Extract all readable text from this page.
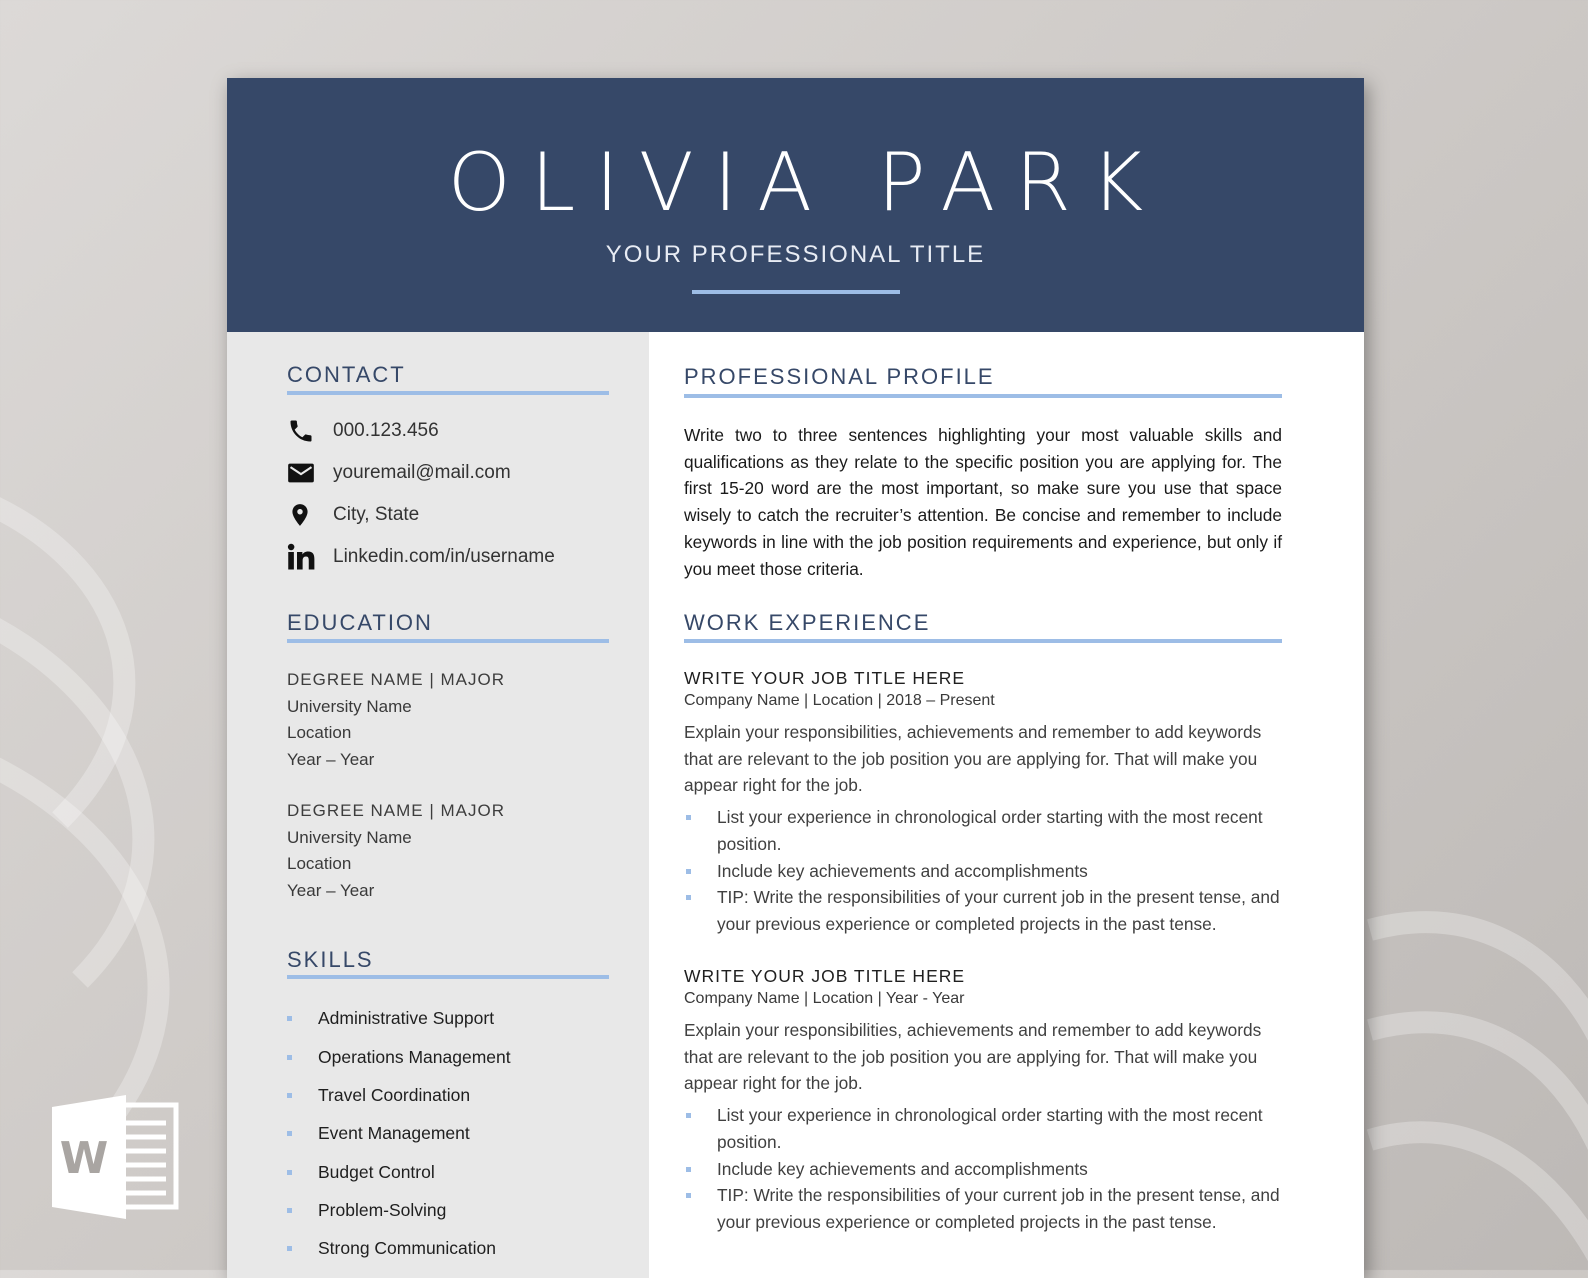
OLIVIA PARK
YOUR PROFESSIONAL TITLE
CONTACT
000.123.456
youremail@mail.com
City, State
Linkedin.com/in/username
EDUCATION
DEGREE NAME | MAJOR
University Name
Location
Year – Year
DEGREE NAME | MAJOR
University Name
Location
Year – Year
SKILLS
Administrative Support
Operations Management
Travel Coordination
Event Management
Budget Control
Problem-Solving
Strong Communication
PROFESSIONAL PROFILE
Write two to three sentences highlighting your most valuable skills and qualifications as they relate to the specific position you are applying for. The first 15-20 word are the most important, so make sure you use that space wisely to catch the recruiter’s attention. Be concise and remember to include keywords in line with the job position requirements and experience, but only if you meet those criteria.
WORK EXPERIENCE
WRITE YOUR JOB TITLE HERE
Company Name | Location | 2018 – Present
Explain your responsibilities, achievements and remember to add keywords that are relevant to the job position you are applying for. That will make you appear right for the job.
List your experience in chronological order starting with the most recent position.
Include key achievements and accomplishments
TIP: Write the responsibilities of your current job in the present tense, and your previous experience or completed projects in the past tense.
WRITE YOUR JOB TITLE HERE
Company Name | Location | Year - Year
Explain your responsibilities, achievements and remember to add keywords that are relevant to the job position you are applying for. That will make you appear right for the job.
List your experience in chronological order starting with the most recent position.
Include key achievements and accomplishments
TIP: Write the responsibilities of your current job in the present tense, and your previous experience or completed projects in the past tense.
W
